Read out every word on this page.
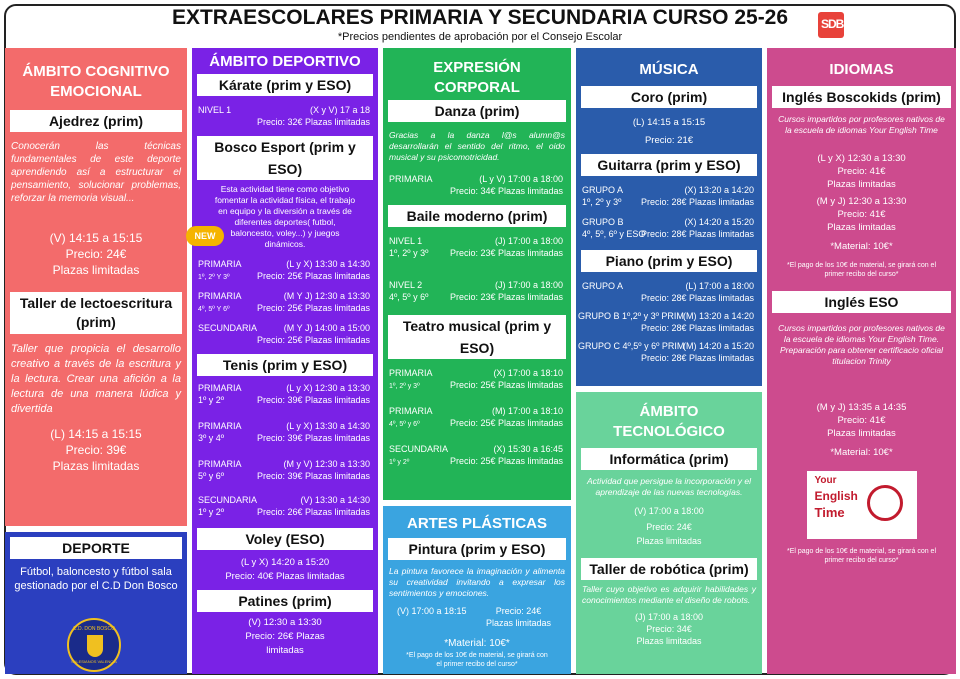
EXTRAESCOLARES PRIMARIA Y SECUNDARIA CURSO 25-26
*Precios pendientes de aprobación por el Consejo Escolar
SDB
ÁMBITO COGNITIVO EMOCIONAL
Ajedrez (prim)
Conocerán las técnicas fundamentales de este deporte aprendiendo así a estructurar el pensamiento, solucionar problemas, reforzar la memoria visual...
(V) 14:15 a 15:15
Precio: 24€
Plazas limitadas
Taller de lectoescritura (prim)
Taller que propicia el desarrollo creativo a través de la escritura y la lectura. Crear una afición a la lectura de una manera lúdica y divertida
(L) 14:15 a 15:15
Precio: 39€
Plazas limitadas
DEPORTE
Fútbol, baloncesto y fútbol sala gestionado por el C.D Don Bosco
C.D. DON BOSCO
SALESIANOS VALENCIA
ÁMBITO DEPORTIVO
Kárate (prim y ESO)
NIVEL 1	(X y V) 17 a 18
Precio: 32€ Plazas limitadas
Bosco Esport (prim y ESO)
Esta actividad tiene como objetivo fomentar la actividad física, el trabajo en equipo y la diversión a través de diferentes deportes( futbol, baloncesto, voley...) y juegos dinámicos.
NEW
PRIMARIA
1º, 2º Y 3º
(L y X) 13:30 a 14:30
Precio: 25€ Plazas limitadas
PRIMARIA
4º, 5º Y 6º
(M Y J) 12:30 a 13:30
Precio: 25€ Plazas limitadas
SECUNDARIA	(M Y J) 14:00 a 15:00
Precio: 25€ Plazas limitadas
Tenis (prim y ESO)
PRIMARIA
1º y 2º
(L y X) 12:30 a 13:30
Precio: 39€ Plazas limitadas
PRIMARIA
3º y 4º
(L y X) 13:30 a 14:30
Precio: 39€ Plazas limitadas
PRIMARIA
5º y 6º
(M y V) 12:30 a 13:30
Precio: 39€ Plazas limitadas
SECUNDARIA
1º y 2º
(V) 13:30 a 14:30
Precio: 26€ Plazas limitadas
Voley (ESO)
(L y X) 14:20 a 15:20
Precio: 40€ Plazas limitadas
Patines (prim)
(V) 12:30 a 13:30
Precio: 26€ Plazas
limitadas
EXPRESIÓN CORPORAL
Danza (prim)
Gracias a la danza l@s alumn@s desarrollarán el sentido del ritmo, el oido musical y su psicomotricidad.
PRIMARIA	(L y V) 17:00 a 18:00
Precio: 34€ Plazas limitadas
Baile moderno (prim)
NIVEL 1
1º, 2º y 3º
(J) 17:00 a 18:00
Precio: 23€ Plazas limitadas
NIVEL 2
4º, 5º y 6º
(J) 17:00 a 18:00
Precio: 23€ Plazas limitadas
Teatro musical (prim y ESO)
PRIMARIA
1º, 2º y 3º
(X) 17:00 a 18:10
Precio: 25€ Plazas limitadas
PRIMARIA
4º, 5º y 6º
(M) 17:00 a 18:10
Precio: 25€ Plazas limitadas
SECUNDARIA
1º y 2º
(X) 15:30 a 16:45
Precio: 25€ Plazas limitadas
ARTES PLÁSTICAS
Pintura (prim y ESO)
La pintura favorece la imaginación y alimenta su creatividad invitando a expresar los sentimientos y emociones.
(V) 17:00 a 18:15	Precio: 24€
Plazas limitadas
*Material: 10€*
*El pago de los 10€ de material, se girará con el primer recibo del curso*
MÚSICA
Coro (prim)
(L) 14:15 a 15:15
Precio: 21€
Guitarra (prim y ESO)
GRUPO A
1º, 2º y 3º
(X) 13:20 a 14:20
Precio: 28€ Plazas limitadas
GRUPO B
4º, 5º, 6º y ESO
(X) 14:20 a 15:20
Precio: 28€ Plazas limitadas
Piano (prim y ESO)
GRUPO A	(L) 17:00 a 18:00
Precio: 28€ Plazas limitadas
GRUPO B 1º,2º y 3º PRIM (M) 13:20 a 14:20
Precio: 28€ Plazas limitadas
GRUPO C 4º,5º y 6º PRIM
(M) 14:20 a 15:20
Precio: 28€ Plazas limitadas
ÁMBITO TECNOLÓGICO
Informática (prim)
Actividad que persigue la incorporación y el aprendizaje de las nuevas tecnologías.
(V) 17:00 a 18:00
Precio: 24€
Plazas limitadas
Taller de robótica (prim)
Taller cuyo objetivo es adquirir habilidades y conocimientos mediante el diseño de robots.
(J) 17:00 a 18:00
Precio: 34€
Plazas limitadas
IDIOMAS
Inglés Boscokids (prim)
Cursos impartidos por profesores nativos de la escuela de idiomas Your English Time
(L y X) 12:30 a 13:30
Precio: 41€
Plazas limitadas
(M y J) 12:30 a 13:30
Precio: 41€
Plazas limitadas
*Material: 10€*
*El pago de los 10€ de material, se girará con el primer recibo del curso*
Inglés ESO
Cursos impartidos por profesores nativos de la escuela de idiomas Your English Time. Preparación para obtener certificacio oficial titulacion Trinity
(M y J) 13:35 a 14:35
Precio: 41€
Plazas limitadas
*Material: 10€*
Your
English
Time
*El pago de los 10€ de material, se girará con el primer recibo del curso*
